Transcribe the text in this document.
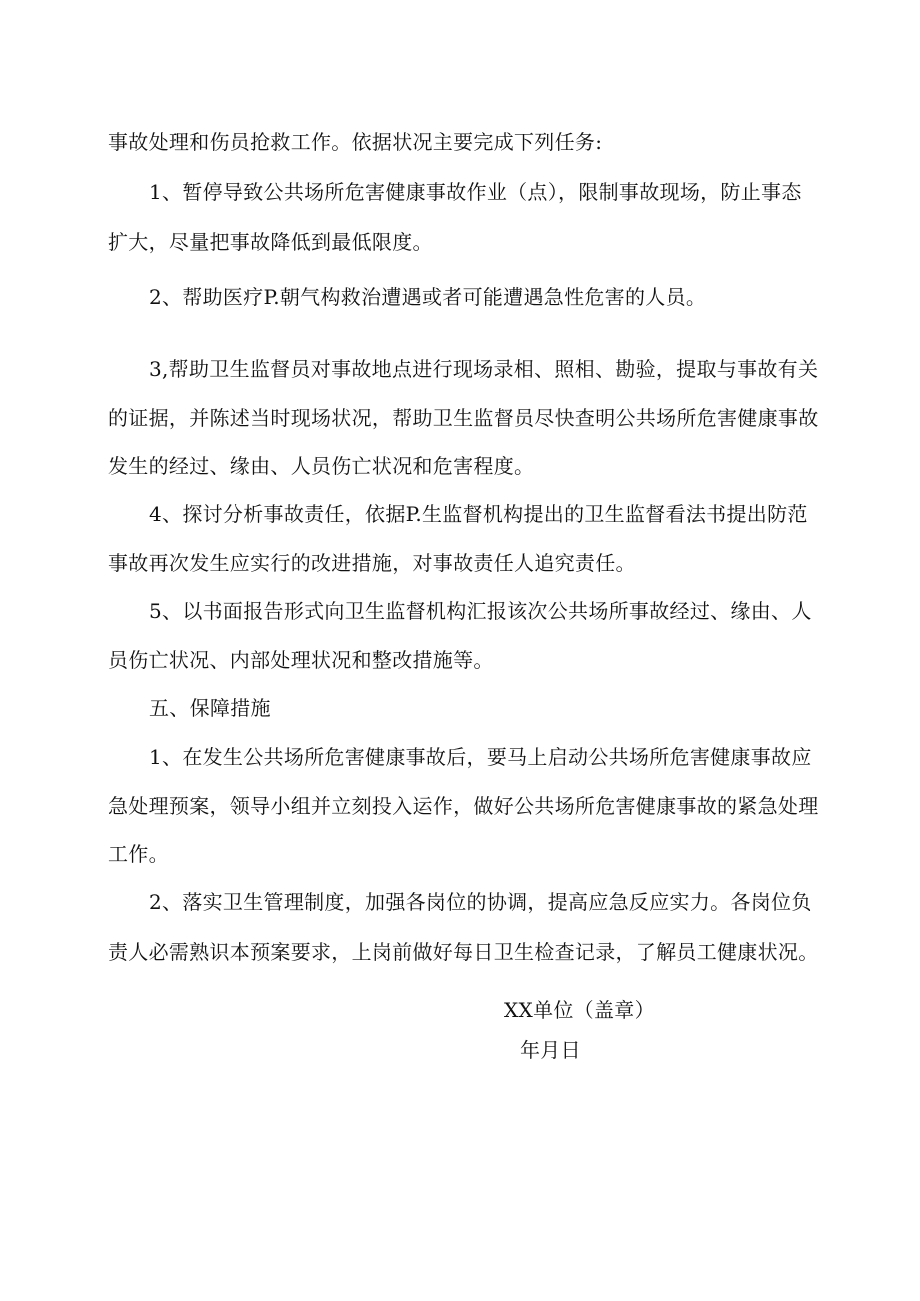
事故处理和伤员抢救工作。依据状况主要完成下列任务:
1、暂停导致公共场所危害健康事故作业（点），限制事故现场，防止事态
扩大，尽量把事故降低到最低限度。
2、帮助医疗P.朝气构救治遭遇或者可能遭遇急性危害的人员。
3,帮助卫生监督员对事故地点进行现场录相、照相、勘验，提取与事故有关
的证据，并陈述当时现场状况，帮助卫生监督员尽快查明公共场所危害健康事故
发生的经过、缘由、人员伤亡状况和危害程度。
4、探讨分析事故责任，依据P.生监督机构提出的卫生监督看法书提出防范
事故再次发生应实行的改进措施，对事故责任人追究责任。
5、以书面报告形式向卫生监督机构汇报该次公共场所事故经过、缘由、人
员伤亡状况、内部处理状况和整改措施等。
五、保障措施
1、在发生公共场所危害健康事故后，要马上启动公共场所危害健康事故应
急处理预案，领导小组并立刻投入运作，做好公共场所危害健康事故的紧急处理
工作。
2、落实卫生管理制度，加强各岗位的协调，提高应急反应实力。各岗位负
责人必需熟识本预案要求，上岗前做好每日卫生检查记录，了解员工健康状况。
XX单位（盖章）
年月日
